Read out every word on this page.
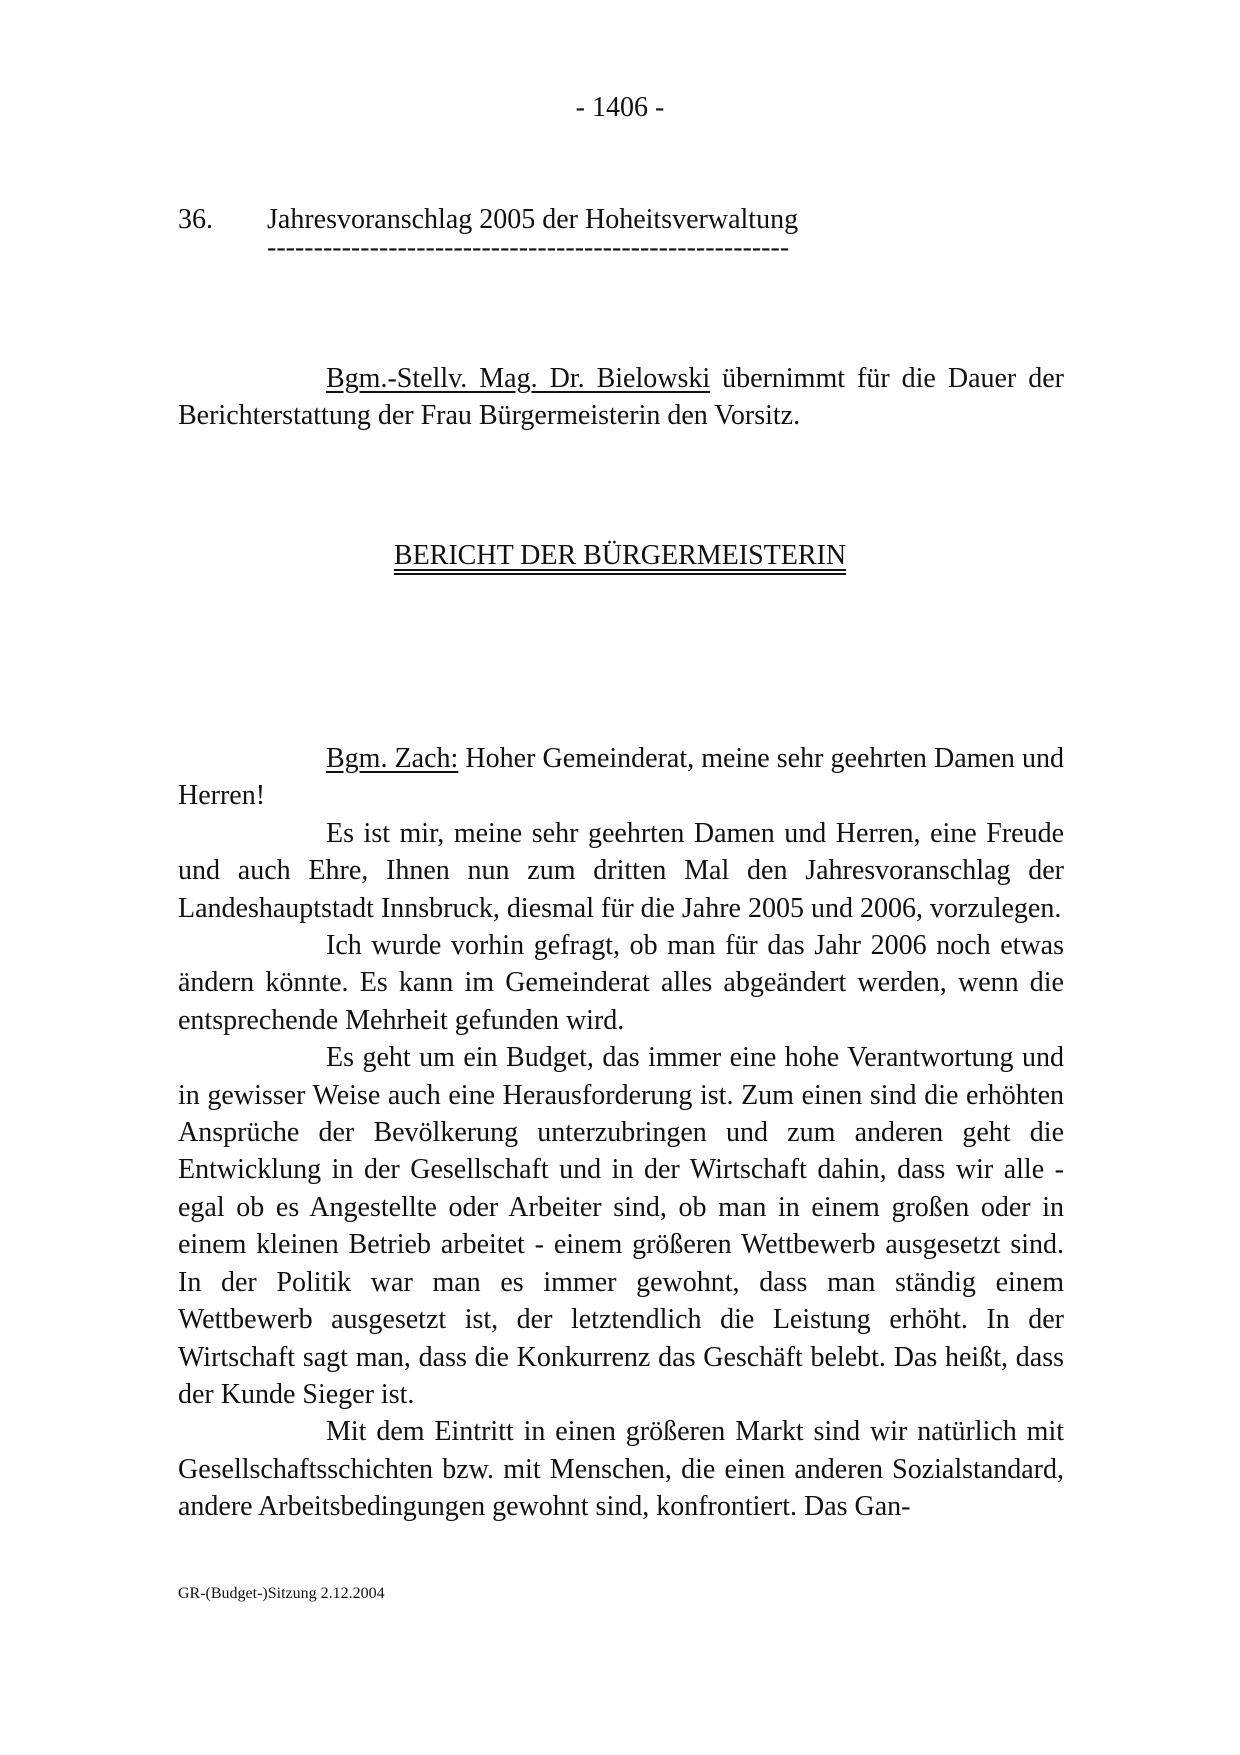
- 1406 -
36. Jahresvoranschlag 2005 der Hoheitsverwaltung
--------------------------------------------------------

Bgm.-Stellv. Mag. Dr. Bielowski übernimmt für die Dauer der Berichterstattung der Frau Bürgermeisterin den Vorsitz.

BERICHT DER BÜRGERMEISTERIN

Bgm. Zach: Hoher Gemeinderat, meine sehr geehrten Damen und Herren!

Es ist mir, meine sehr geehrten Damen und Herren, eine Freude und auch Ehre, Ihnen nun zum dritten Mal den Jahresvoranschlag der Landeshauptstadt Innsbruck, diesmal für die Jahre 2005 und 2006, vorzulegen.

Ich wurde vorhin gefragt, ob man für das Jahr 2006 noch etwas ändern könnte. Es kann im Gemeinderat alles abgeändert werden, wenn die entsprechende Mehrheit gefunden wird.

Es geht um ein Budget, das immer eine hohe Verantwortung und in gewisser Weise auch eine Herausforderung ist. Zum einen sind die erhöhten Ansprüche der Bevölkerung unterzubringen und zum anderen geht die Entwicklung in der Gesellschaft und in der Wirtschaft dahin, dass wir alle - egal ob es Angestellte oder Arbeiter sind, ob man in einem großen oder in einem kleinen Betrieb arbeitet - einem größeren Wettbewerb ausgesetzt sind. In der Politik war man es immer gewohnt, dass man ständig einem Wettbewerb ausgesetzt ist, der letztendlich die Leistung erhöht. In der Wirtschaft sagt man, dass die Konkurrenz das Geschäft belebt. Das heißt, dass der Kunde Sieger ist.

Mit dem Eintritt in einen größeren Markt sind wir natürlich mit Gesellschaftsschichten bzw. mit Menschen, die einen anderen Sozialstandard, andere Arbeitsbedingungen gewohnt sind, konfrontiert. Das Gan-

GR-(Budget-)Sitzung 2.12.2004
